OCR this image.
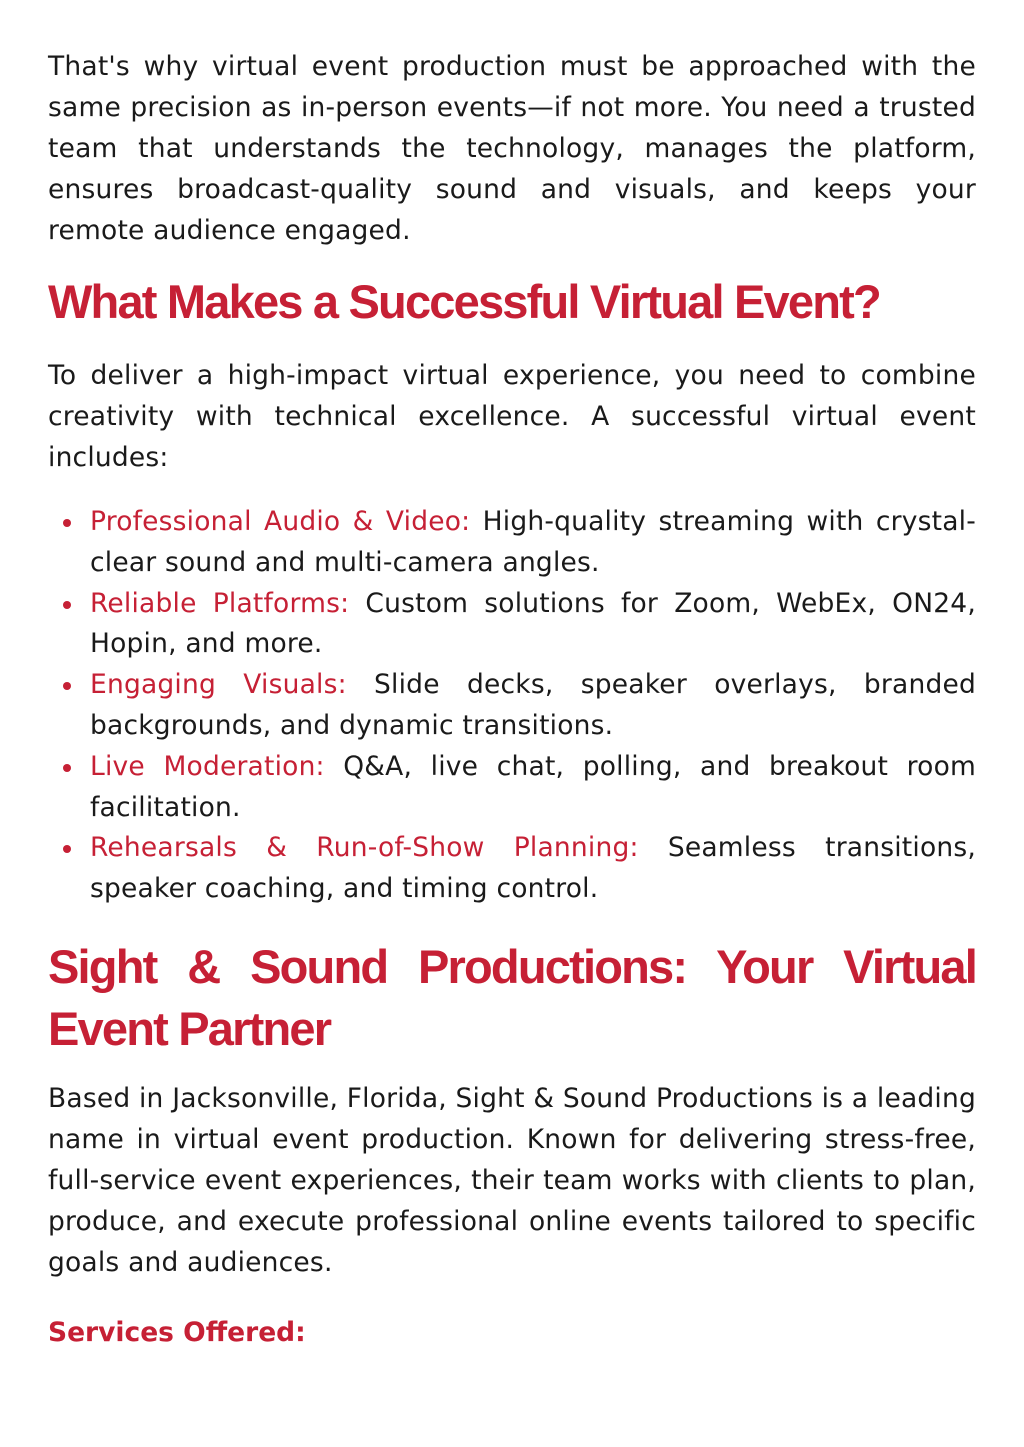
That's why virtual event production must be approached with the same precision as in-person events—if not more. You need a trusted team that understands the technology, manages the platform, ensures broadcast-quality sound and visuals, and keeps your remote audience engaged.

What Makes a Successful Virtual Event?

To deliver a high-impact virtual experience, you need to combine creativity with technical excellence. A successful virtual event includes:

Professional Audio & Video: High-quality streaming with crystal-clear sound and multi-camera angles.
Reliable Platforms: Custom solutions for Zoom, WebEx, ON24, Hopin, and more.
Engaging Visuals: Slide decks, speaker overlays, branded backgrounds, and dynamic transitions.
Live Moderation: Q&A, live chat, polling, and breakout room facilitation.
Rehearsals & Run-of-Show Planning: Seamless transitions, speaker coaching, and timing control.
Sight & Sound Productions: Your Virtual Event Partner

Based in Jacksonville, Florida, Sight & Sound Productions is a leading name in virtual event production. Known for delivering stress-free, full-service event experiences, their team works with clients to plan, produce, and execute professional online events tailored to specific goals and audiences.

Services Offered:
